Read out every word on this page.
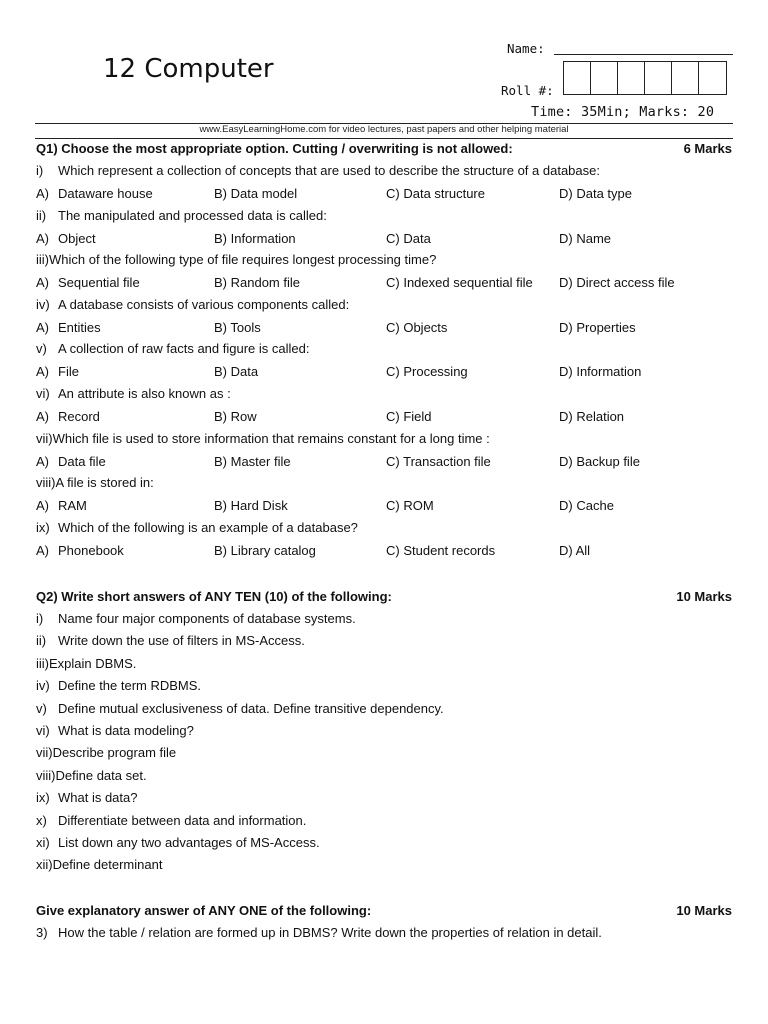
12 Computer
Name:
Roll #:
Time: 35Min; Marks: 20
www.EasyLearningHome.com for video lectures, past papers and other helping material
Q1) Choose the most appropriate option. Cutting / overwriting is not allowed:	6 Marks
i) Which represent a collection of concepts that are used to describe the structure of a database:
A) Dataware house	B) Data model	C) Data structure	D) Data type
ii) The manipulated and processed data is called:
A) Object	B) Information	C) Data	D) Name
iii)Which of the following type of file requires longest processing time?
A) Sequential file	B) Random file	C) Indexed sequential file D) Direct access file
iv) A database consists of various components called:
A) Entities	B) Tools	C) Objects	D) Properties
v) A collection of raw facts and figure is called:
A) File	B) Data	C) Processing	D) Information
vi) An attribute is also known as :
A) Record	B) Row	C) Field	D) Relation
vii)Which file is used to store information that remains constant for a long time :
A) Data file	B) Master file	C) Transaction file	D) Backup file
viii)A file is stored in:
A) RAM	B) Hard Disk	C) ROM	D) Cache
ix) Which of the following is an example of a database?
A) Phonebook	B) Library catalog	C) Student records	D) All
Q2) Write short answers of ANY TEN (10) of the following:	10 Marks
i) Name four major components of database systems.
ii) Write down the use of filters in MS-Access.
iii)Explain DBMS.
iv) Define the term RDBMS.
v) Define mutual exclusiveness of data. Define transitive dependency.
vi) What is data modeling?
vii)Describe program file
viii)Define data set.
ix) What is data?
x) Differentiate between data and information.
xi) List down any two advantages of MS-Access.
xii)Define determinant
Give explanatory answer of ANY ONE of the following:	10 Marks
3) How the table / relation are formed up in DBMS? Write down the properties of relation in detail.
